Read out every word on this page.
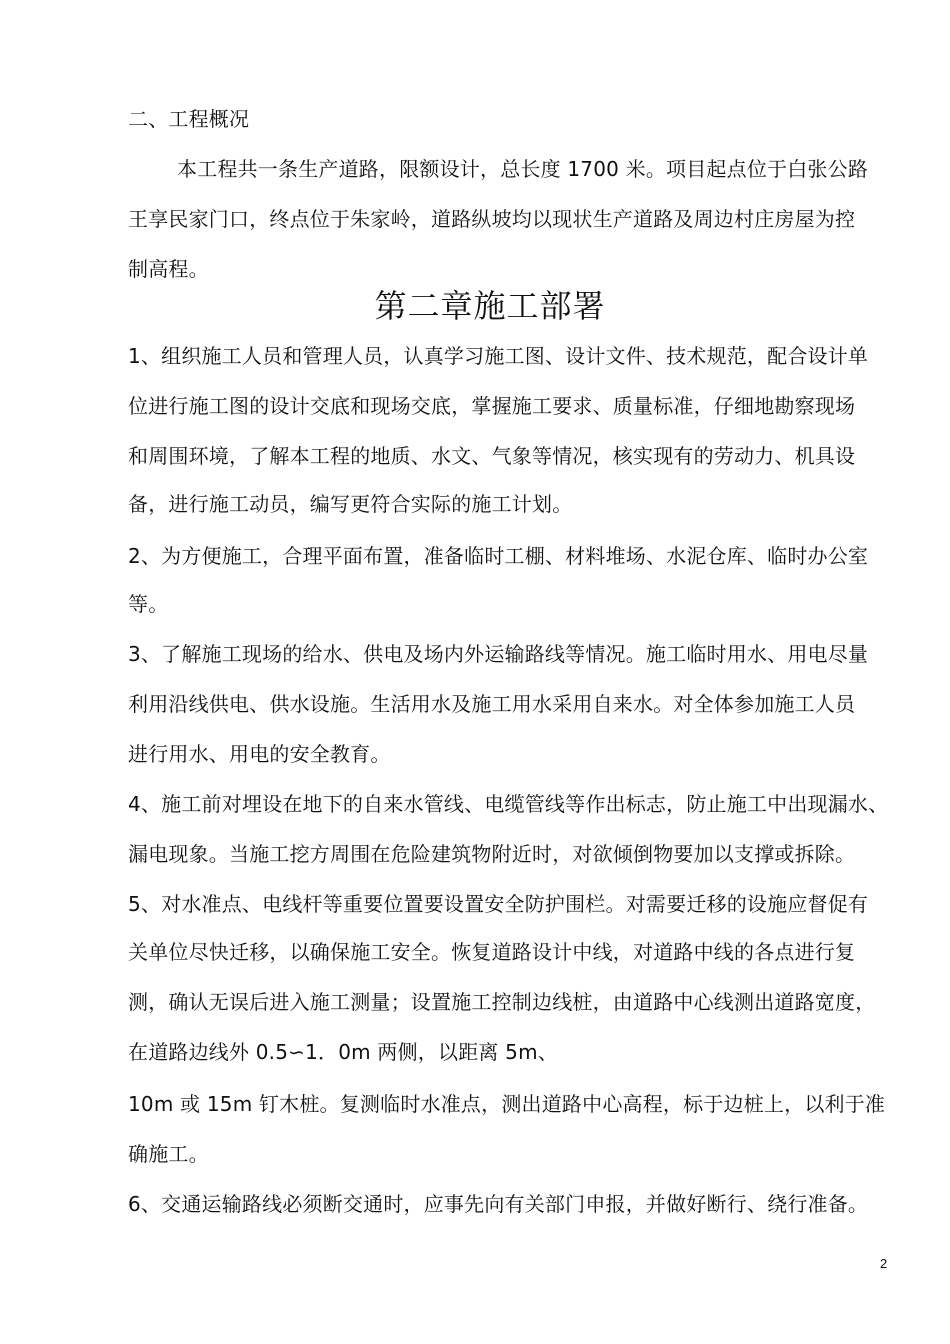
二、工程概况
本工程共一条生产道路，限额设计，总长度 1700 米。项目起点位于白张公路
王享民家门口，终点位于朱家岭，道路纵坡均以现状生产道路及周边村庄房屋为控
制高程。
第二章施工部署
1、组织施工人员和管理人员，认真学习施工图、设计文件、技术规范，配合设计单
位进行施工图的设计交底和现场交底，掌握施工要求、质量标准，仔细地勘察现场
和周围环境，了解本工程的地质、水文、气象等情况，核实现有的劳动力、机具设
备，进行施工动员，编写更符合实际的施工计划。
2、为方便施工，合理平面布置，准备临时工棚、材料堆场、水泥仓库、临时办公室
等。
3、了解施工现场的给水、供电及场内外运输路线等情况。施工临时用水、用电尽量
利用沿线供电、供水设施。生活用水及施工用水采用自来水。对全体参加施工人员
进行用水、用电的安全教育。
4、施工前对埋设在地下的自来水管线、电缆管线等作出标志，防止施工中出现漏水、
漏电现象。当施工挖方周围在危险建筑物附近时，对欲倾倒物要加以支撑或拆除。
5、对水准点、电线杆等重要位置要设置安全防护围栏。对需要迁移的设施应督促有
关单位尽快迁移，以确保施工安全。恢复道路设计中线，对道路中线的各点进行复
测，确认无误后进入施工测量；设置施工控制边线桩，由道路中心线测出道路宽度，
在道路边线外 0.5∽1．0m 两侧，以距离 5m、
10m 或 15m 钉木桩。复测临时水准点，测出道路中心高程，标于边桩上，以利于准
确施工。
6、交通运输路线必须断交通时，应事先向有关部门申报，并做好断行、绕行准备。
2
